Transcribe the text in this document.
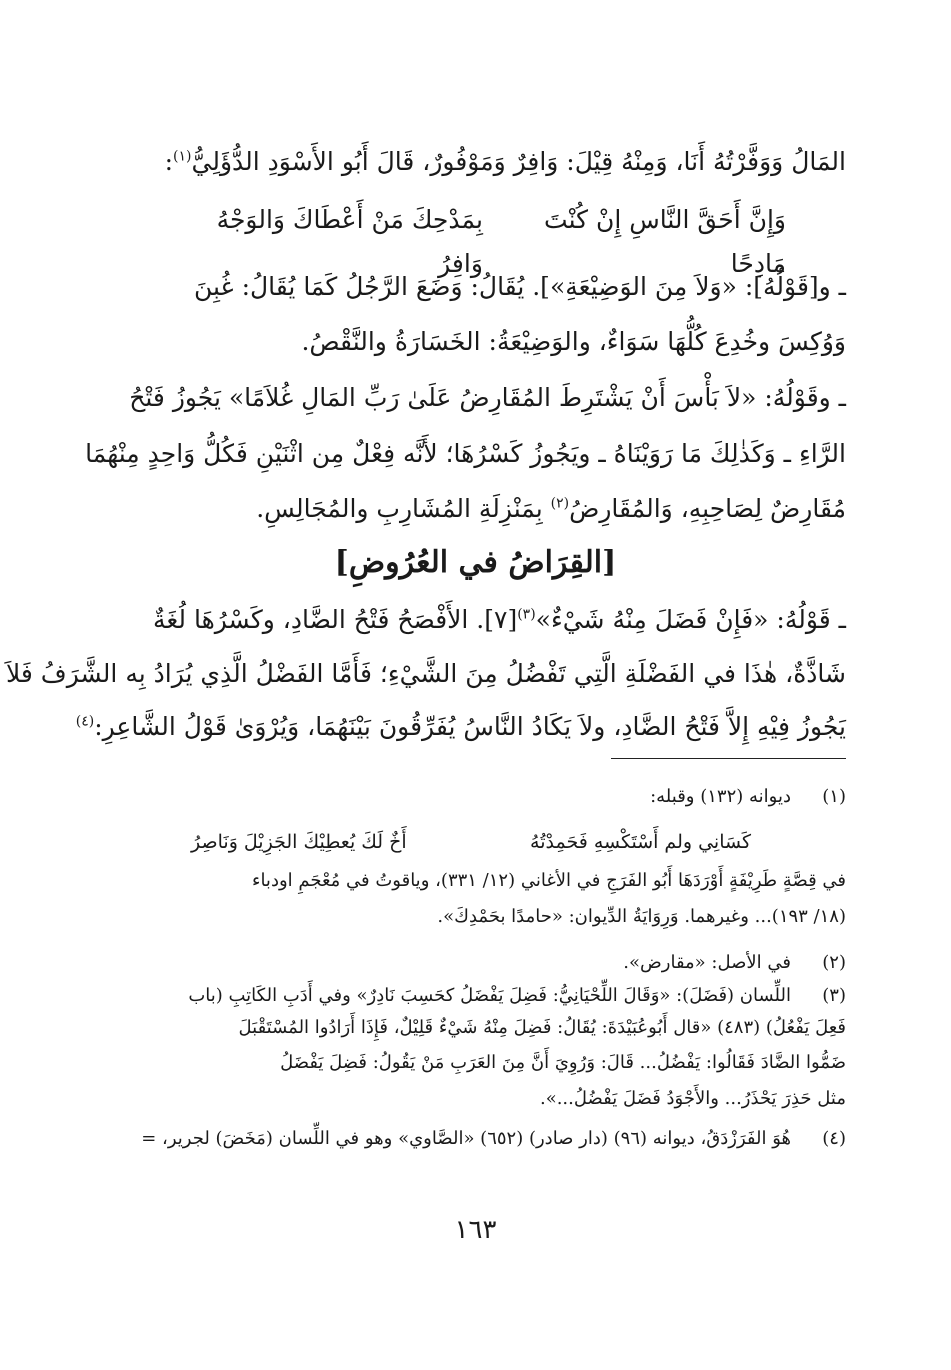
المَالُ وَوَفَّرْتُهُ أَنَا، وَمِنْهُ قِيْلَ: وَافِرٌ وَمَوْفُورٌ، قَالَ أَبُو الأَسْوَدِ الدُّؤَلِيُّ$^{(١)}$:
وَإِنَّ أَحَقَّ النَّاسِ إِنْ كُنْتَ مَادِحًا
بِمَدْحِكَ مَنْ أَعْطَاكَ وَالوَجْهُ وَافِرُ
ـ و[قَوْلُهُ]: «وَلاَ مِنَ الوَضِيْعَةِ»]. يُقَالُ: وَضَعَ الرَّجُلُ كَمَا يُقَالُ: غُبِنَ
وَوُكِسَ وخُدِعَ كُلُّهَا سَوَاءٌ، والوَضِيْعَةُ: الخَسَارَةُ والنَّقْصُ.
ـ وقَوْلُهُ: «لاَ بَأْسَ أَنْ يَشْتَرِطَ المُقَارِضُ عَلَىٰ رَبِّ المَالِ غُلاَمًا» يَجُوزُ فَتْحُ
الرَّاءِ ـ وَكَذٰلِكَ مَا رَوَيْنَاهُ ـ ويَجُوزُ كَسْرُهَا؛ لأَنَّه فِعْلٌ مِن اثْنَيْنِ فَكُلُّ وَاحِدٍ مِنْهُمَا
مُقَارِضٌ لِصَاحِبِهِ، وَالمُقَارِضُ$^{(٢)}$ بِمَنْزِلَةِ المُشَارِبِ والمُجَالِسِ.
[القِرَاضُ في العُرُوضِ]
ـ قَوْلُهُ: «فَإِنْ فَضَلَ مِنْهُ شَيْءٌ»$^{(٣)}$[٧]. الأَفْصَحُ فَتْحُ الضَّادِ، وكَسْرُهَا لُغَةٌ
شَاذَّةٌ، هٰذَا في الفَضْلَةِ الَّتِي تَفْضُلُ مِنَ الشَّيْءِ؛ فَأَمَّا الفَضْلُ الَّذِي يُرَادُ بِه الشَّرَفُ فَلاَ
يَجُوزُ فِيْهِ إِلاَّ فَتْحُ الضَّادِ، ولاَ يَكَادُ النَّاسُ يُفَرِّقُونَ بَيْنَهُمَا، وَيُرْوَىٰ قَوْلُ الشَّاعِرِ:$^{(٤)}$
(١)
ديوانه (١٣٢) وقبله:
كَسَانِي ولم أَسْتَكْسِهِ فَحَمِدْتُهُ
أَخٌ لَكَ يُعطِيْكَ الجَزِيْلَ وَنَاصِرُ
في قِصَّةٍ طَرِيْفَةٍ أَوْرَدَهَا أَبُو الفَرَجِ في الأغاني (١٢/ ٣٣١)، وياقوتُ في مُعْجَمِ اودباء
(١٨/ ١٩٣)... وغيرهما. وَرِوَايَةُ الدِّيوان: «حامدًا بحَمْدِكَ».
(٢)
في الأصل: «مقارض».
(٣)
اللِّسان (فَضَلَ): «وَقَالَ اللِّحْيَانِيُّ: فَضِلَ يَفْضَلُ كحَسِبَ نَادِرٌ» وفي أَدَبِ الكَاتِبِ (باب
فَعِلَ يَفْعُلُ) (٤٨٣) «قال أَبُوعُبَيْدَةَ: يُقَالُ: فَضِلَ مِنْهُ شَيْءٌ قَلِيْلٌ، فَإِذَا أَرَادُوا المُسْتَقْبَلَ
ضَمُّوا الضَّادَ فَقَالُوا: يَفْضُلُ... قَالَ: وَرُوِيَ أَنَّ مِنَ العَرَبِ مَنْ يَقُولُ: فَضِلَ يَفْضَلُ
مثل حَذِرَ يَحْذَرُ... والأَجْوَدُ فَضَلَ يَفْضُلُ...».
(٤)
هُوَ الفَرَزْدَقُ، ديوانه (٩٦) (دار صادر) (٦٥٢) «الصَّاوي» وهو في اللِّسان (مَخَضَ) لجرير، =
١٦٣
